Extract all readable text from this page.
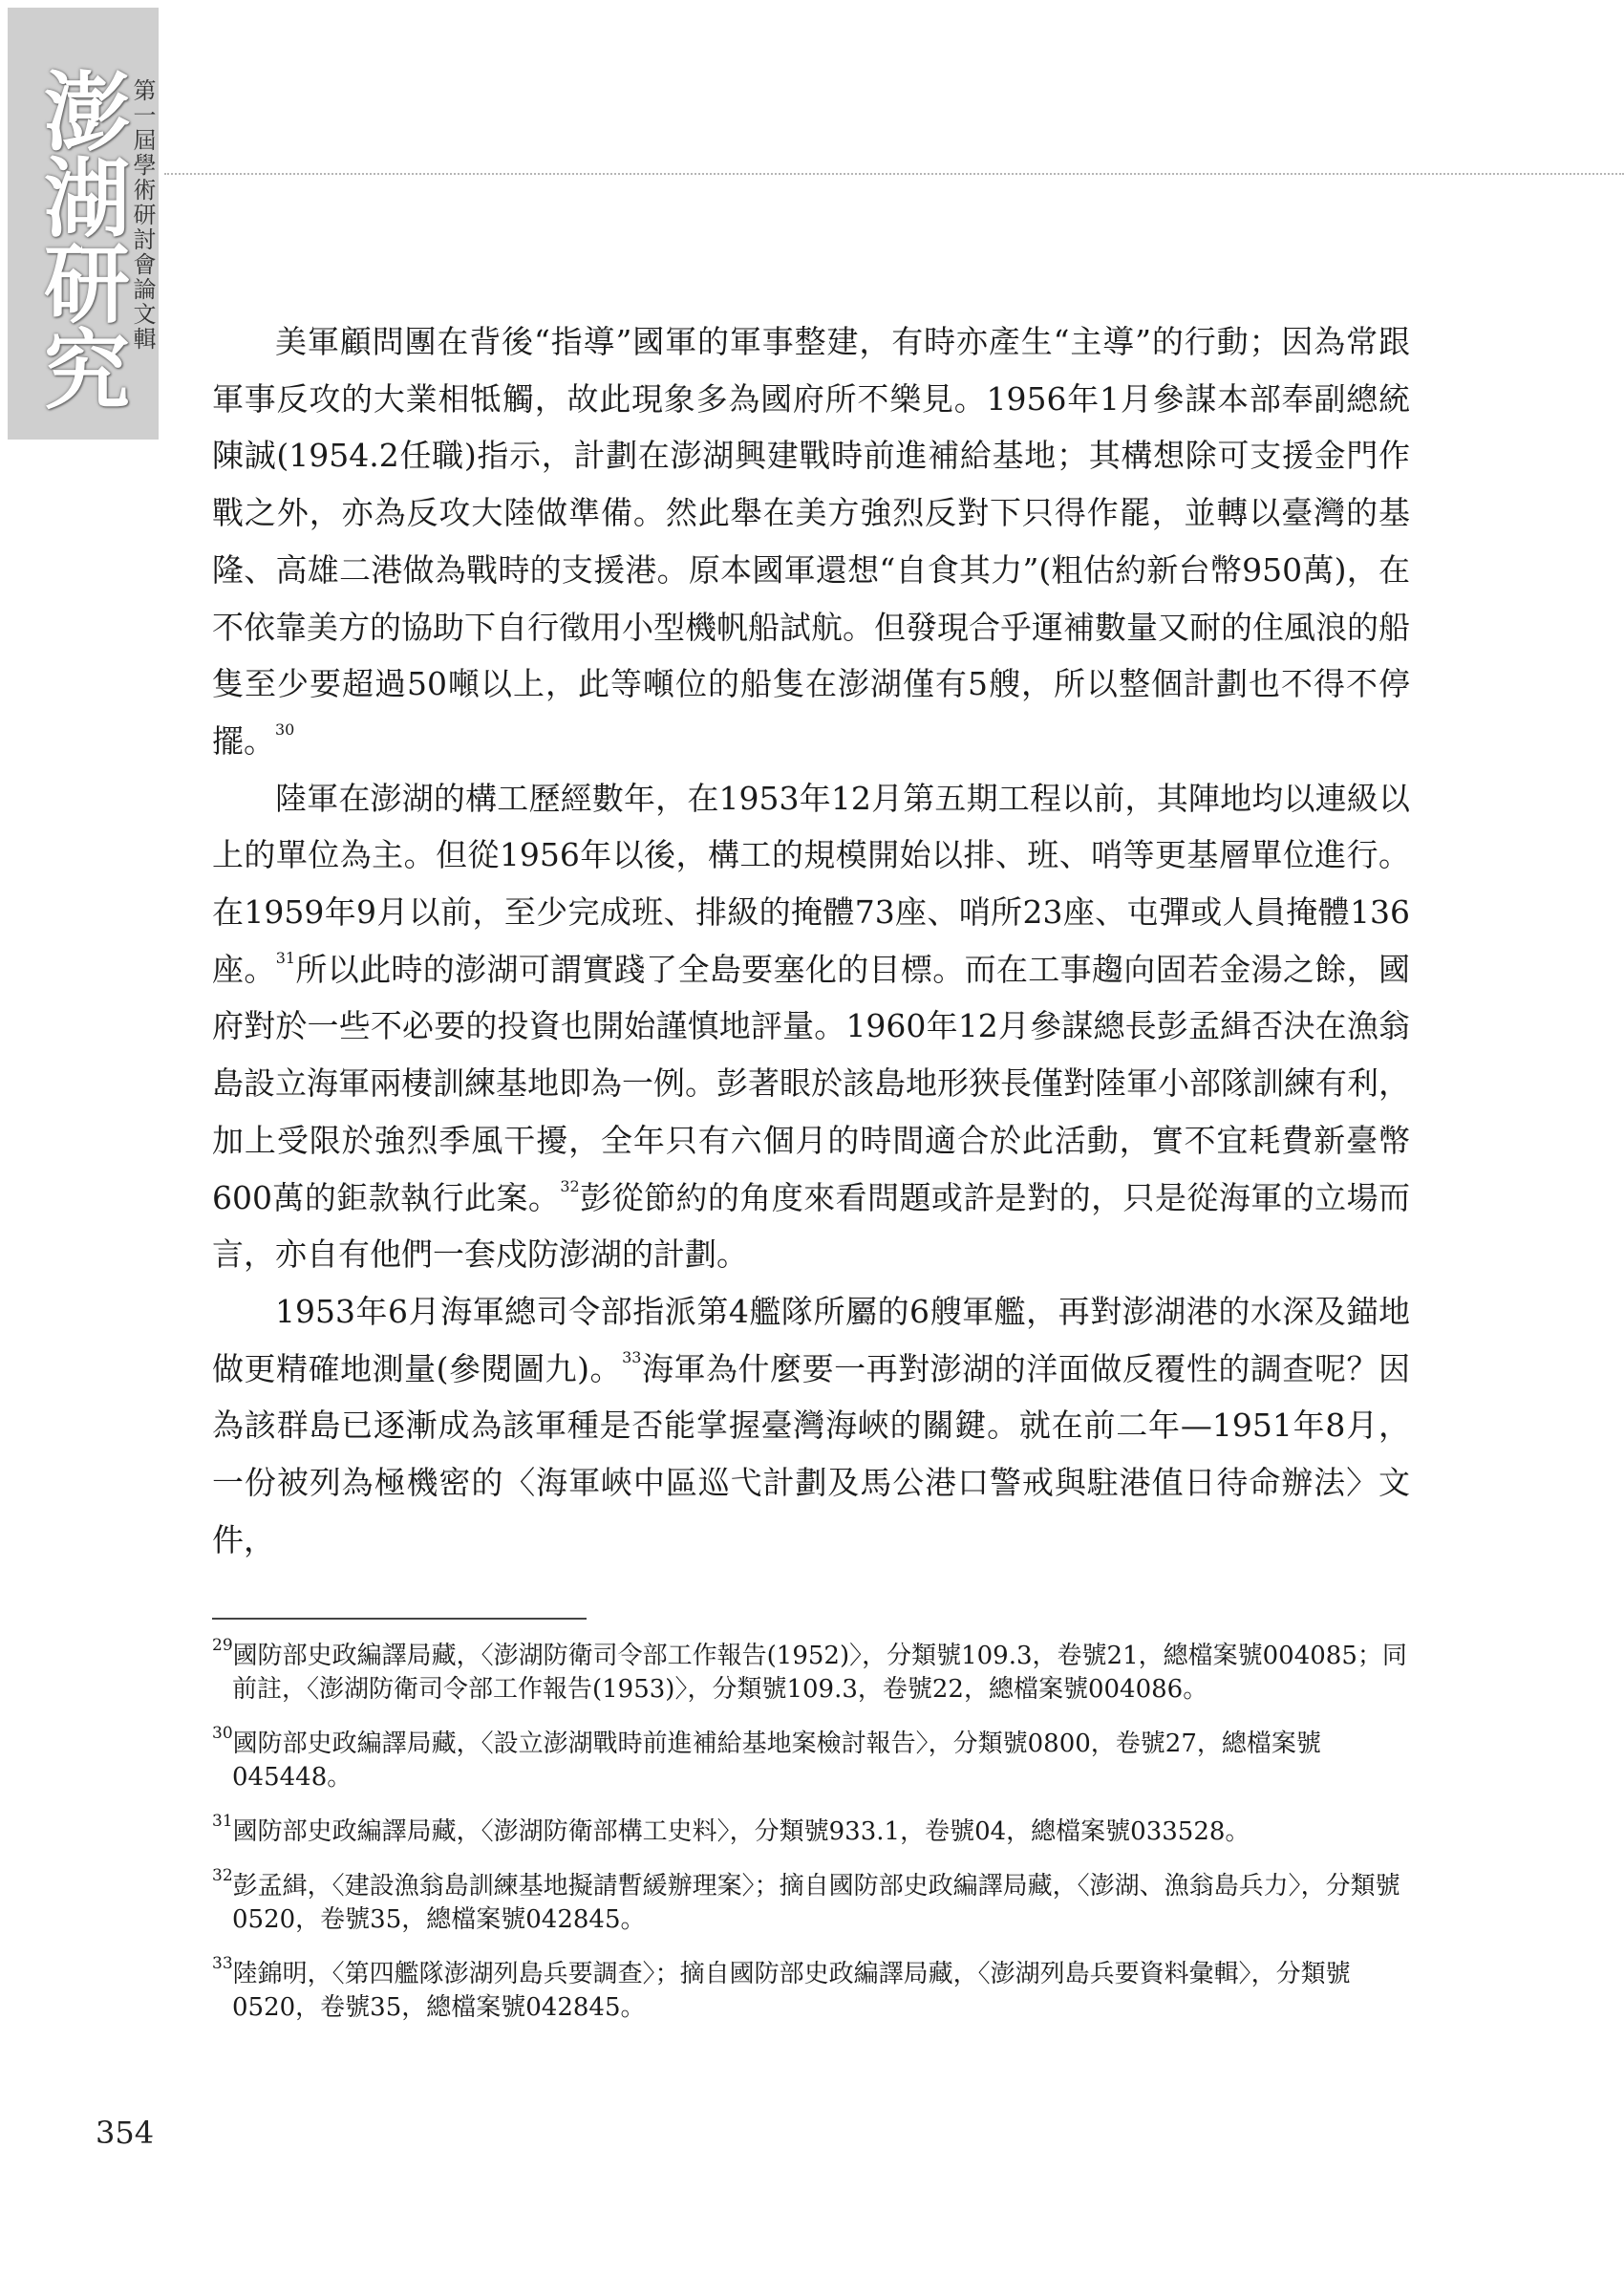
澎湖研究 第一屆學術研討會論文輯	美軍顧問團在背後“指導”國軍的軍事整建，有時亦產生“主導”的行動；因為常跟軍事反攻的大業相牴觸，故此現象多為國府所不樂見。1956年1月參謀本部奉副總統陳誠(1954.2任職)指示，計劃在澎湖興建戰時前進補給基地；其構想除可支援金門作戰之外，亦為反攻大陸做準備。然此舉在美方強烈反對下只得作罷，並轉以臺灣的基隆、高雄二港做為戰時的支援港。原本國軍還想“自食其力”(粗估約新台幣950萬)，在不依靠美方的協助下自行徵用小型機帆船試航。但發現合乎運補數量又耐的住風浪的船隻至少要超過50噸以上，此等噸位的船隻在澎湖僅有5艘，所以整個計劃也不得不停擺。$^{30}$

陸軍在澎湖的構工歷經數年，在1953年12月第五期工程以前，其陣地均以連級以上的單位為主。但從1956年以後，構工的規模開始以排、班、哨等更基層單位進行。在1959年9月以前，至少完成班、排級的掩體73座、哨所23座、屯彈或人員掩體136座。$^{31}$所以此時的澎湖可謂實踐了全島要塞化的目標。而在工事趨向固若金湯之餘，國府對於一些不必要的投資也開始謹慎地評量。1960年12月參謀總長彭孟緝否決在漁翁島設立海軍兩棲訓練基地即為一例。彭著眼於該島地形狹長僅對陸軍小部隊訓練有利，加上受限於強烈季風干擾，全年只有六個月的時間適合於此活動，實不宜耗費新臺幣600萬的鉅款執行此案。$^{32}$彭從節約的角度來看問題或許是對的，只是從海軍的立場而言，亦自有他們一套戍防澎湖的計劃。

1953年6月海軍總司令部指派第4艦隊所屬的6艘軍艦，再對澎湖港的水深及錨地做更精確地測量(參閱圖九)。$^{33}$海軍為什麼要一再對澎湖的洋面做反覆性的調查呢？因為該群島已逐漸成為該軍種是否能掌握臺灣海峽的關鍵。就在前二年—1951年8月，一份被列為極機密的〈海軍峽中區巡弋計劃及馬公港口警戒與駐港值日待命辦法〉文件，

$^{29}$國防部史政編譯局藏，〈澎湖防衛司令部工作報告(1952)〉，分類號109.3，卷號21，總檔案號004085；同前註，〈澎湖防衛司令部工作報告(1953)〉，分類號109.3，卷號22，總檔案號004086。
$^{30}$國防部史政編譯局藏，〈設立澎湖戰時前進補給基地案檢討報告〉，分類號0800，卷號27，總檔案號045448。
$^{31}$國防部史政編譯局藏，〈澎湖防衛部構工史料〉，分類號933.1，卷號04，總檔案號033528。
$^{32}$彭孟緝，〈建設漁翁島訓練基地擬請暫緩辦理案〉；摘自國防部史政編譯局藏，〈澎湖、漁翁島兵力〉，分類號0520，卷號35，總檔案號042845。
$^{33}$陸錦明，〈第四艦隊澎湖列島兵要調查〉；摘自國防部史政編譯局藏，〈澎湖列島兵要資料彙輯〉，分類號0520，卷號35，總檔案號042845。
354
